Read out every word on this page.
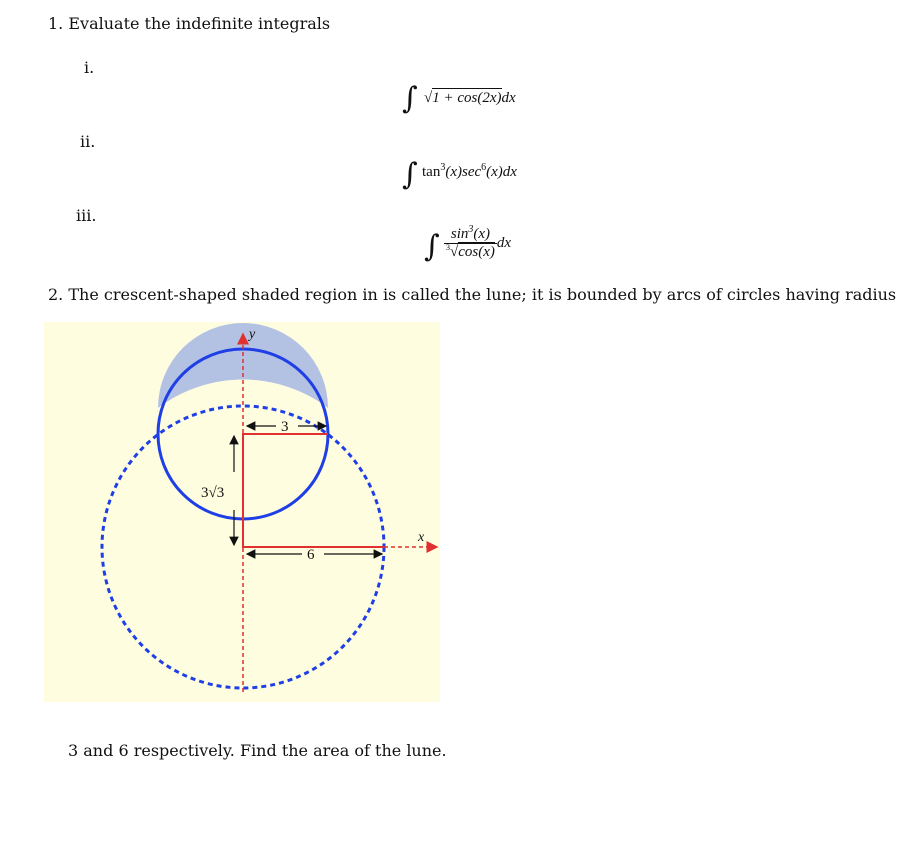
1. Evaluate the indefinite integrals
i.
∫ √1 + cos(2x)dx
ii.
∫ $\tan^3(x)\sec^6(x)dx$
iii.
∫ $\frac{\sin^3(x)}{^3√\cos(x)}$ dx
2. The crescent-shaped shaded region in is called the lune; it is bounded by arcs of circles having radius
y
x
3
6
3√3
3 and 6 respectively. Find the area of the lune.
